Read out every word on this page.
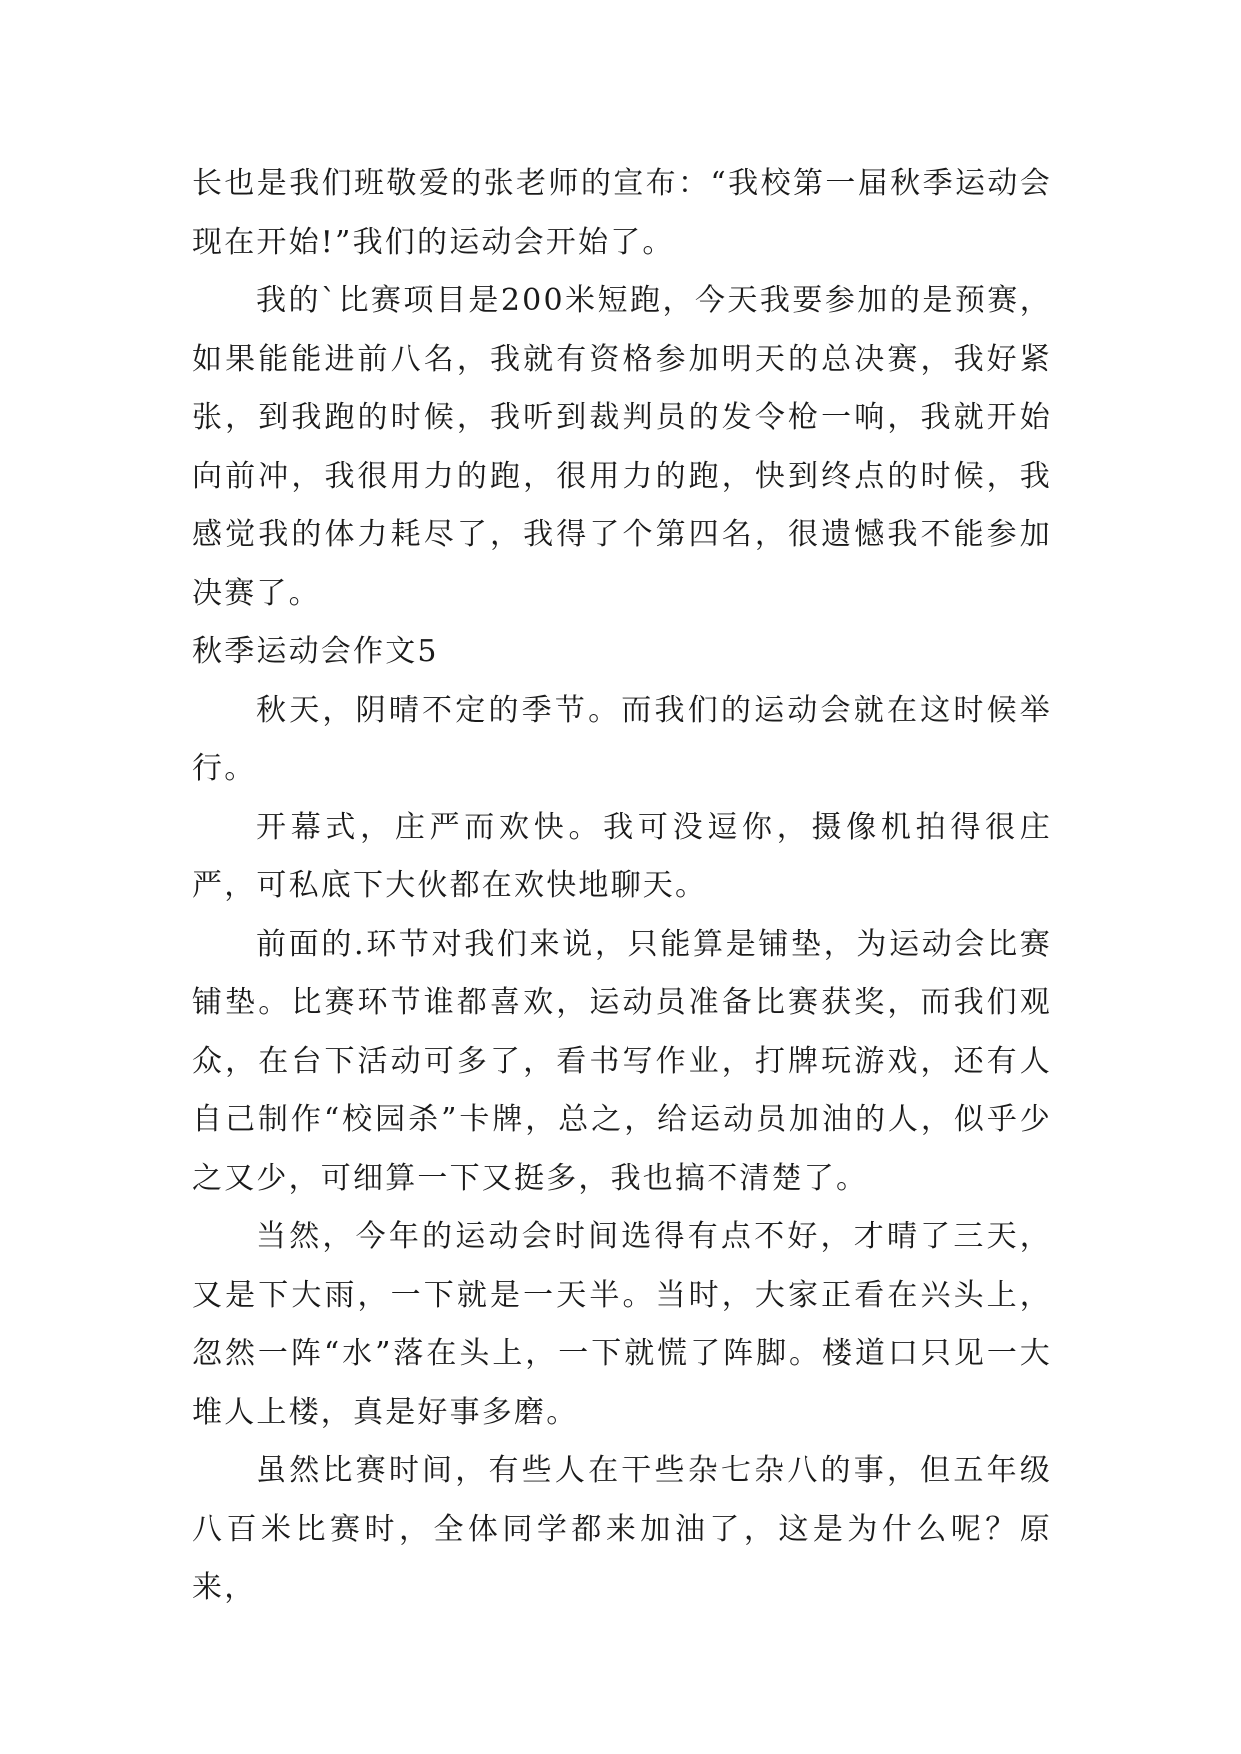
长也是我们班敬爱的张老师的宣布：“我校第一届秋季运动会现在开始!”我们的运动会开始了。

我的`比赛项目是200米短跑，今天我要参加的是预赛，如果能能进前八名，我就有资格参加明天的总决赛，我好紧张，到我跑的时候，我听到裁判员的发令枪一响，我就开始向前冲，我很用力的跑，很用力的跑，快到终点的时候，我感觉我的体力耗尽了，我得了个第四名，很遗憾我不能参加决赛了。

秋季运动会作文5

秋天，阴晴不定的季节。而我们的运动会就在这时候举行。

开幕式，庄严而欢快。我可没逗你，摄像机拍得很庄严，可私底下大伙都在欢快地聊天。

前面的.环节对我们来说，只能算是铺垫，为运动会比赛铺垫。比赛环节谁都喜欢，运动员准备比赛获奖，而我们观众，在台下活动可多了，看书写作业，打牌玩游戏，还有人自己制作“校园杀”卡牌，总之，给运动员加油的人，似乎少之又少，可细算一下又挺多，我也搞不清楚了。

当然，今年的运动会时间选得有点不好，才晴了三天，又是下大雨，一下就是一天半。当时，大家正看在兴头上，忽然一阵“水”落在头上，一下就慌了阵脚。楼道口只见一大堆人上楼，真是好事多磨。

虽然比赛时间，有些人在干些杂七杂八的事，但五年级八百米比赛时，全体同学都来加油了，这是为什么呢？原来，
